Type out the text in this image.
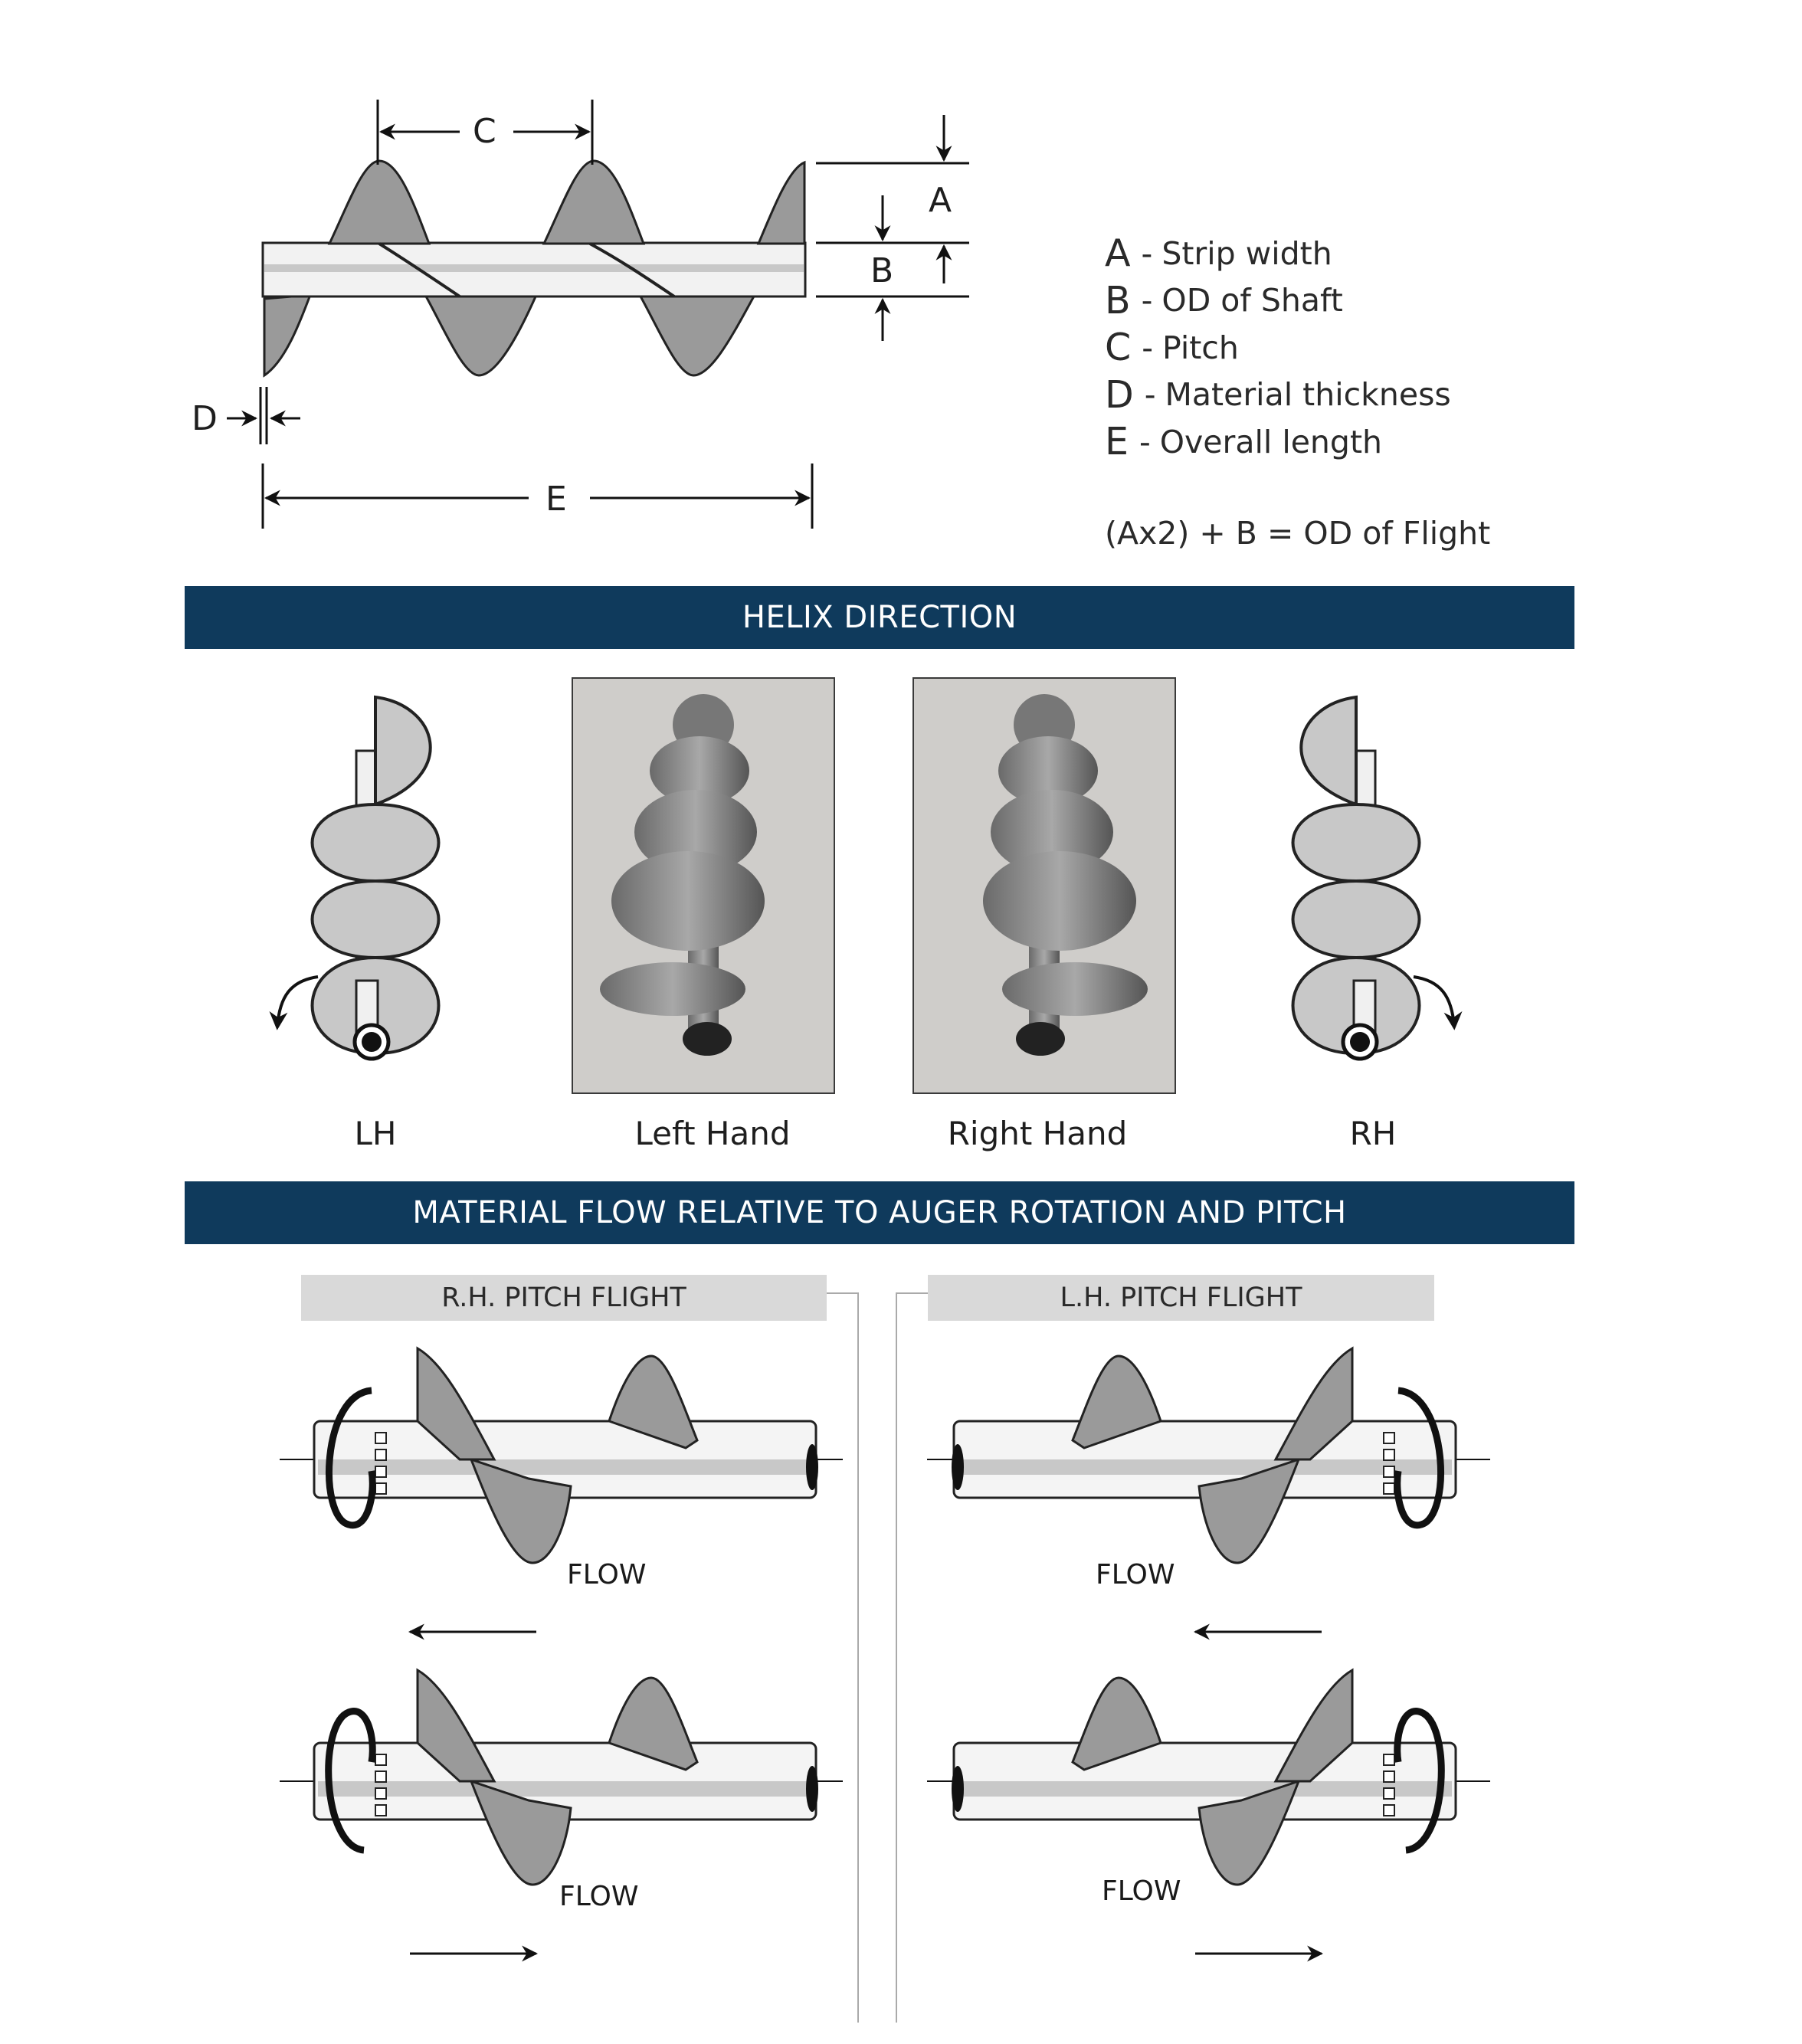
C
A
B
D
E
A - Strip width
B - OD of Shaft
C - Pitch
D - Material thickness
E - Overall length
(Ax2) + B = OD of Flight
HELIX DIRECTION
LH	Left Hand	Right Hand	RH
MATERIAL FLOW RELATIVE TO AUGER ROTATION AND PITCH
R.H. PITCH FLIGHT	L.H. PITCH FLIGHT
FLOW
FLOW
FLOW
FLOW
